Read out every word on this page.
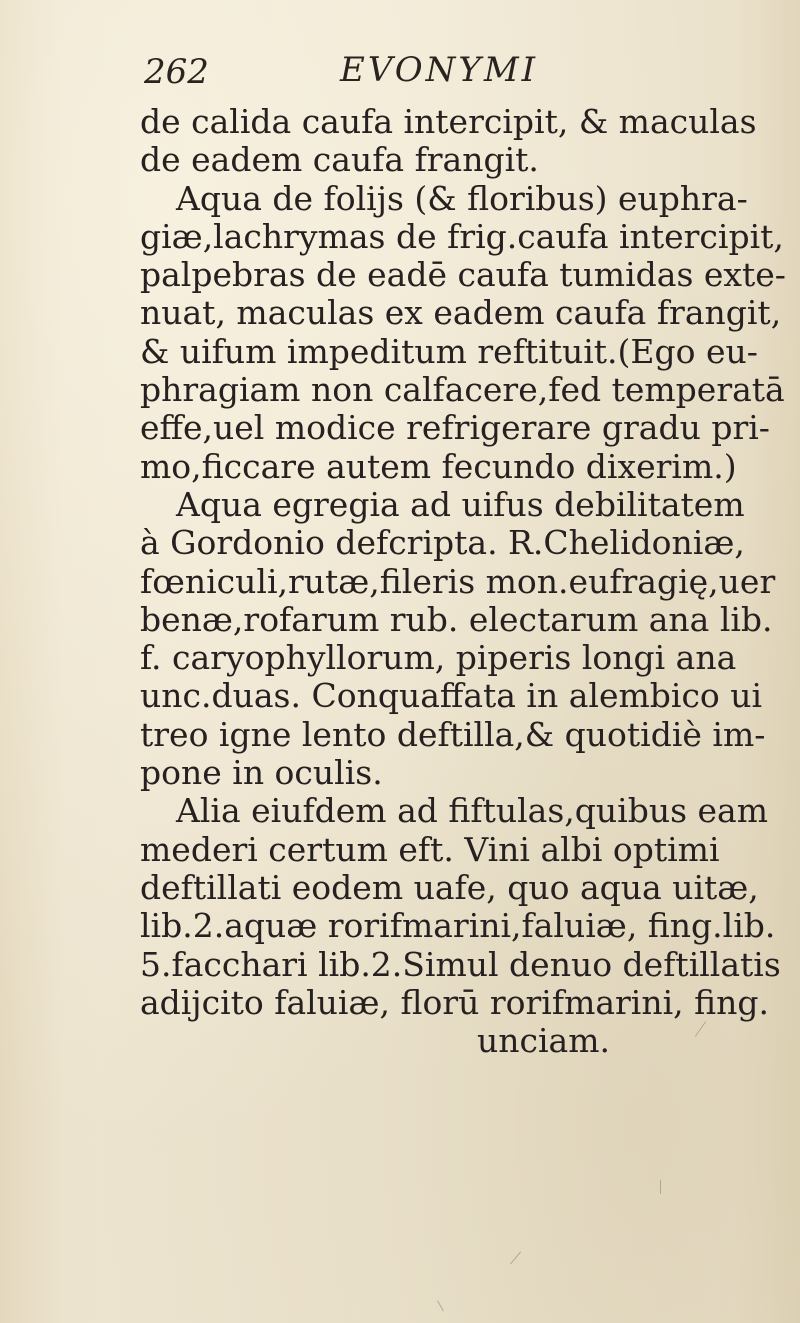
262	EVONYMI
de calida caufa intercipit, & maculas
de eadem caufa frangit.
Aqua de folijs (& floribus) euphra-
giæ,lachrymas de frig.caufa intercipit,
palpebras de eadē caufa tumidas exte-
nuat, maculas ex eadem caufa frangit,
& uifum impeditum reftituit.(Ego eu-
phragiam non calfacere,fed temperatā
effe,uel modice refrigerare gradu pri-
mo,ficcare autem fecundo dixerim.)
Aqua egregia ad uifus debilitatem
à Gordonio defcripta. R.Chelidoniæ,
fœniculi,rutæ,fileris mon.eufragię,uer
benæ,rofarum rub. electarum ana lib.
f. caryophyllorum, piperis longi ana
unc.duas. Conquaffata in alembico ui
treo igne lento deftilla,& quotidiè im-
pone in oculis.
Alia eiufdem ad fiftulas,quibus eam
mederi certum eft. Vini albi optimi
deftillati eodem uafe, quo aqua uitæ,
lib.2.aquæ rorifmarini,faluiæ, fing.lib.
5.facchari lib.2.Simul denuo deftillatis
adijcito faluiæ, florū rorifmarini, fing.
unciam.
